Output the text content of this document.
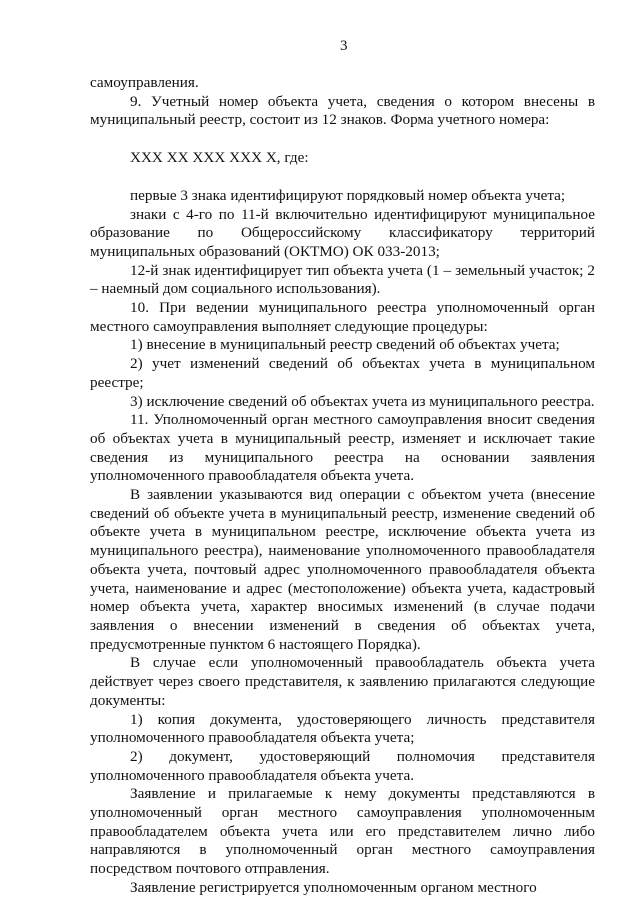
3
самоуправления.
9. Учетный номер объекта учета, сведения о котором внесены в муниципальный реестр, состоит из 12 знаков. Форма учетного номера:
XXX XX XXX XXX X, где:
первые 3 знака идентифицируют порядковый номер объекта учета;
знаки с 4-го по 11-й включительно идентифицируют муниципальное образование по Общероссийскому классификатору территорий муниципальных образований (ОКТМО) ОК 033-2013;
12-й знак идентифицирует тип объекта учета (1 – земельный участок; 2 – наемный дом социального использования).
10. При ведении муниципального реестра уполномоченный орган местного самоуправления выполняет следующие процедуры:
1) внесение в муниципальный реестр сведений об объектах учета;
2) учет изменений сведений об объектах учета в муниципальном реестре;
3) исключение сведений об объектах учета из муниципального реестра.
11. Уполномоченный орган местного самоуправления вносит сведения об объектах учета в муниципальный реестр, изменяет и исключает такие сведения из муниципального реестра на основании заявления уполномоченного правообладателя объекта учета.
В заявлении указываются вид операции с объектом учета (внесение сведений об объекте учета в муниципальный реестр, изменение сведений об объекте учета в муниципальном реестре, исключение объекта учета из муниципального реестра), наименование уполномоченного правообладателя объекта учета, почтовый адрес уполномоченного правообладателя объекта учета, наименование и адрес (местоположение) объекта учета, кадастровый номер объекта учета, характер вносимых изменений (в случае подачи заявления о внесении изменений в сведения об объектах учета, предусмотренные пунктом 6 настоящего Порядка).
В случае если уполномоченный правообладатель объекта учета действует через своего представителя, к заявлению прилагаются следующие документы:
1) копия документа, удостоверяющего личность представителя уполномоченного правообладателя объекта учета;
2) документ, удостоверяющий полномочия представителя уполномоченного правообладателя объекта учета.
Заявление и прилагаемые к нему документы представляются в уполномоченный орган местного самоуправления уполномоченным правообладателем объекта учета или его представителем лично либо направляются в уполномоченный орган местного самоуправления посредством почтового отправления.
Заявление регистрируется уполномоченным органом местного
